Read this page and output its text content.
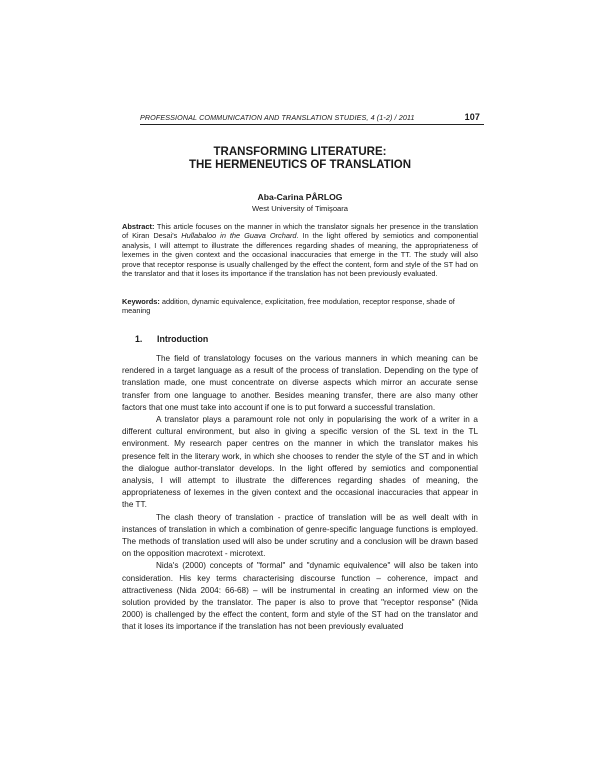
PROFESSIONAL COMMUNICATION AND TRANSLATION STUDIES, 4 (1-2) / 2011	107

TRANSFORMING LITERATURE:
THE HERMENEUTICS OF TRANSLATION

Aba-Carina PÂRLOG
West University of Timişoara
Abstract: This article focuses on the manner in which the translator signals her presence in the translation of Kiran Desai's Hullabaloo in the Guava Orchard. In the light offered by semiotics and componential analysis, I will attempt to illustrate the differences regarding shades of meaning, the appropriateness of lexemes in the given context and the occasional inaccuracies that emerge in the TT. The study will also prove that receptor response is usually challenged by the effect the content, form and style of the ST had on the translator and that it loses its importance if the translation has not been previously evaluated.
Keywords: addition, dynamic equivalence, explicitation, free modulation, receptor response, shade of meaning
1. Introduction

The field of translatology focuses on the various manners in which meaning can be rendered in a target language as a result of the process of translation. Depending on the type of translation made, one must concentrate on diverse aspects which mirror an accurate sense transfer from one language to another. Besides meaning transfer, there are also many other factors that one must take into account if one is to put forward a successful translation.

A translator plays a paramount role not only in popularising the work of a writer in a different cultural environment, but also in giving a specific version of the SL text in the TL environment. My research paper centres on the manner in which the translator makes his presence felt in the literary work, in which she chooses to render the style of the ST and in which the dialogue author-translator develops. In the light offered by semiotics and componential analysis, I will attempt to illustrate the differences regarding shades of meaning, the appropriateness of lexemes in the given context and the occasional inaccuracies that appear in the TT.

The clash theory of translation - practice of translation will be as well dealt with in instances of translation in which a combination of genre-specific language functions is employed. The methods of translation used will also be under scrutiny and a conclusion will be drawn based on the opposition macrotext - microtext.

Nida's (2000) concepts of "formal" and "dynamic equivalence" will also be taken into consideration. His key terms characterising discourse function – coherence, impact and attractiveness (Nida 2004: 66-68) – will be instrumental in creating an informed view on the solution provided by the translator. The paper is also to prove that "receptor response" (Nida 2000) is challenged by the effect the content, form and style of the ST had on the translator and that it loses its importance if the translation has not been previously evaluated
